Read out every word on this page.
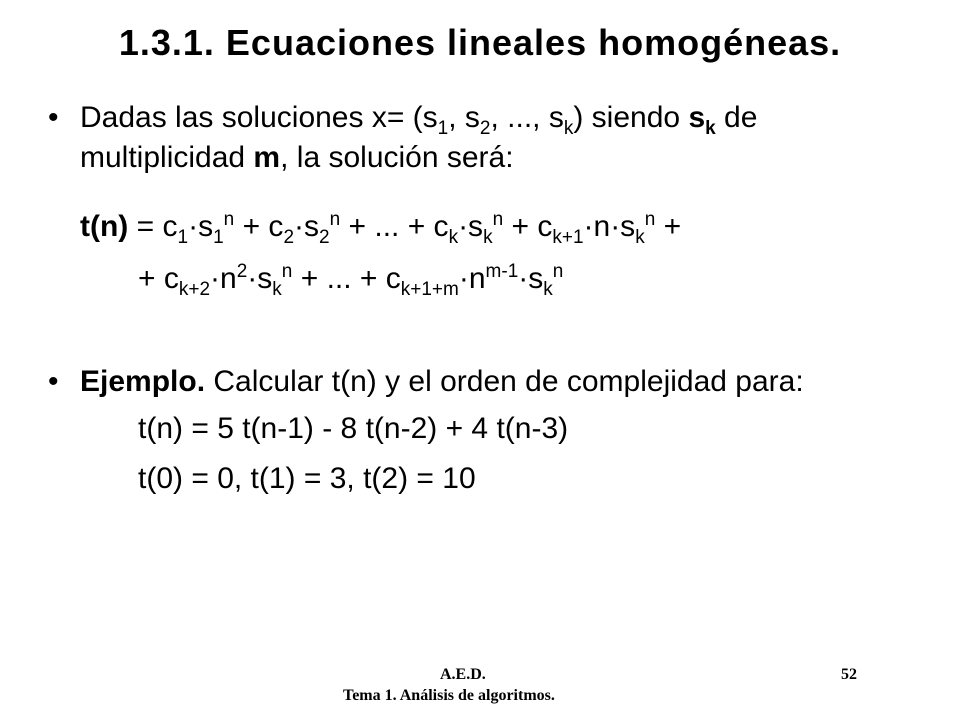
1.3.1. Ecuaciones lineales homogéneas.
• Dadas las soluciones $x= (s_1$, $s_2$, ..., $s_k$) siendo $s_k$ de
multiplicidad m, la solución será:
$t(n) = c_1\cdot s_1^n + c_2\cdot s_2^n$ + ... + $c_k\cdot s_k^n + c_{k+1}\cdot n\cdot s_k^n$ +
+ $c_{k+2}\cdot n^2\cdot s_k^n$ + ... + $c_{k+1+m}\cdot n^{m-1}\cdot s_k^n$
• Ejemplo. Calcular t(n) y el orden de complejidad para:
t(n) = 5 t(n-1) - 8 t(n-2) + 4 t(n-3)
t(0) = 0, t(1) = 3, t(2) = 10
A.E.D.	52
Tema 1. Análisis de algoritmos.
